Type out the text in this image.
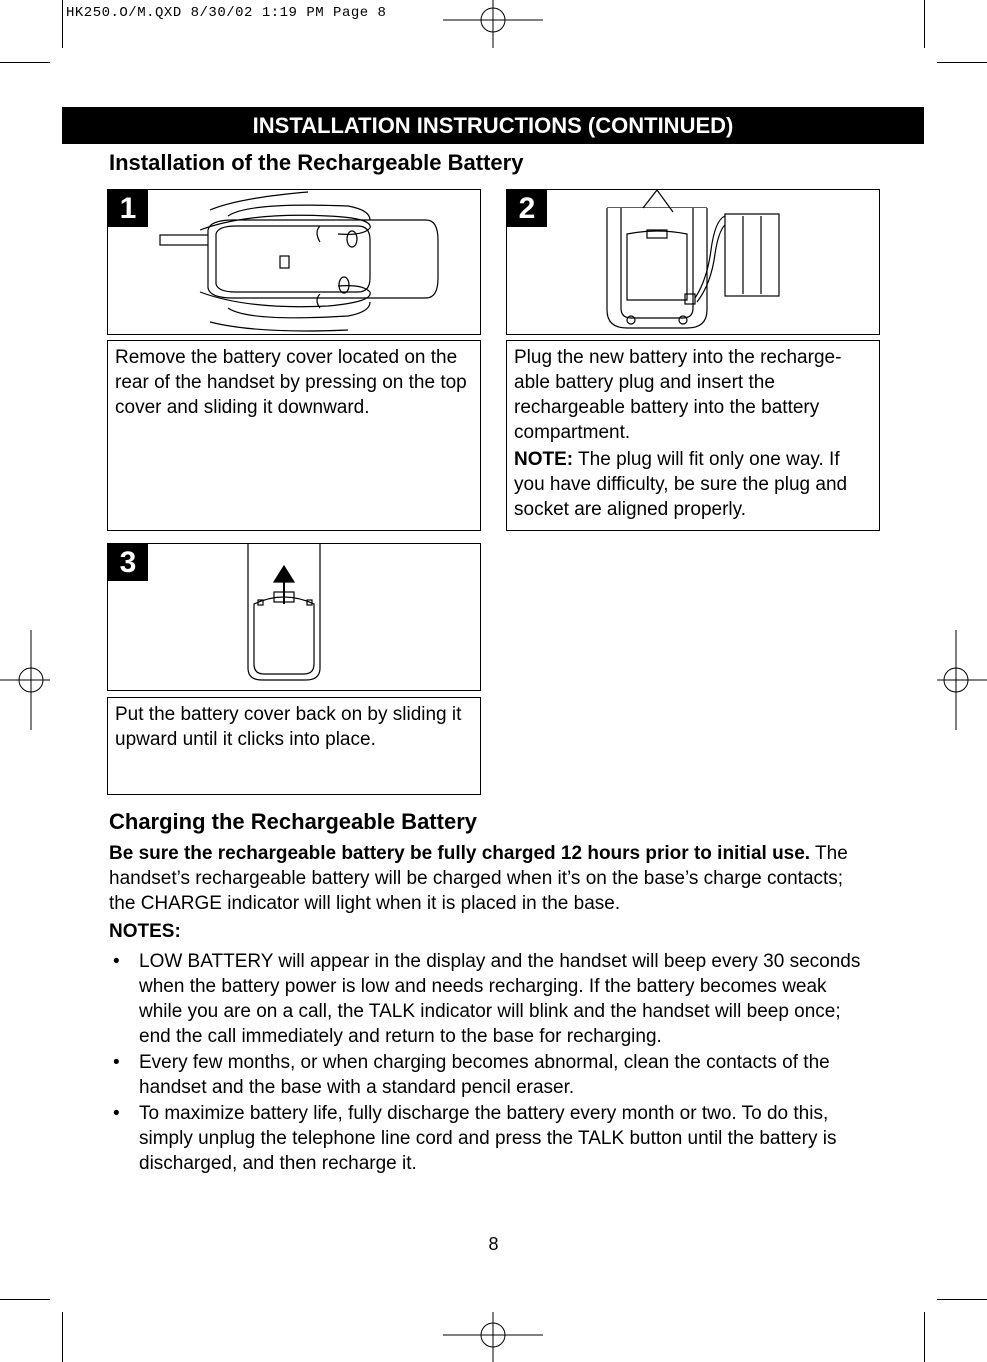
HK250.O/M.QXD 8/30/02 1:19 PM Page 8
INSTALLATION INSTRUCTIONS (CONTINUED)
Installation of the Rechargeable Battery
1	2

Remove the battery cover located on the rear of the handset by pressing on the top cover and sliding it downward.

Plug the new battery into the recharge-able battery plug and insert the rechargeable battery into the battery compartment.

NOTE: The plug will fit only one way. If you have difficulty, be sure the plug and socket are aligned properly.

3

Put the battery cover back on by sliding it upward until it clicks into place.

Charging the Rechargeable Battery

Be sure the rechargeable battery be fully charged 12 hours prior to initial use. The handset’s rechargeable battery will be charged when it’s on the base’s charge contacts; the CHARGE indicator will light when it is placed in the base.

NOTES:

• LOW BATTERY will appear in the display and the handset will beep every 30 seconds when the battery power is low and needs recharging. If the battery becomes weak while you are on a call, the TALK indicator will blink and the handset will beep once; end the call immediately and return to the base for recharging.
• Every few months, or when charging becomes abnormal, clean the contacts of the handset and the base with a standard pencil eraser.
• To maximize battery life, fully discharge the battery every month or two. To do this, simply unplug the telephone line cord and press the TALK button until the battery is discharged, and then recharge it.
8
